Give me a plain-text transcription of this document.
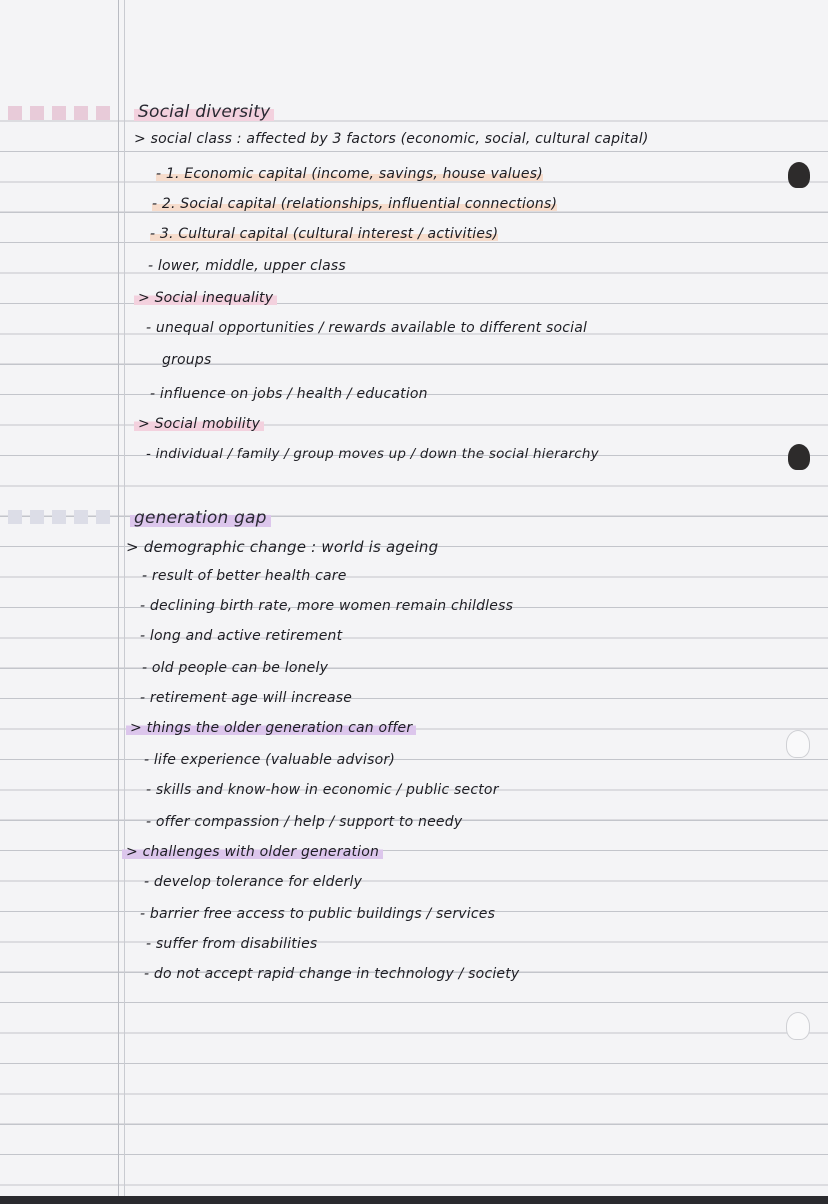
Social diversity
> social class : affected by 3 factors (economic, social, cultural capital)
- 1. Economic capital (income, savings, house values)
- 2. Social capital (relationships, influential connections)
- 3. Cultural capital (cultural interest / activities)
- lower, middle, upper class
> Social inequality
- unequal opportunities / rewards available to different social
groups
- influence on jobs / health / education
> Social mobility
- individual / family / group moves up / down the social hierarchy
generation gap
> demographic change : world is ageing
- result of better health care
- declining birth rate, more women remain childless
- long and active retirement
- old people can be lonely
- retirement age will increase
> things the older generation can offer
- life experience (valuable advisor)
- skills and know-how in economic / public sector
- offer compassion / help / support to needy
> challenges with older generation
- develop tolerance for elderly
- barrier free access to public buildings / services
- suffer from disabilities
- do not accept rapid change in technology / society
